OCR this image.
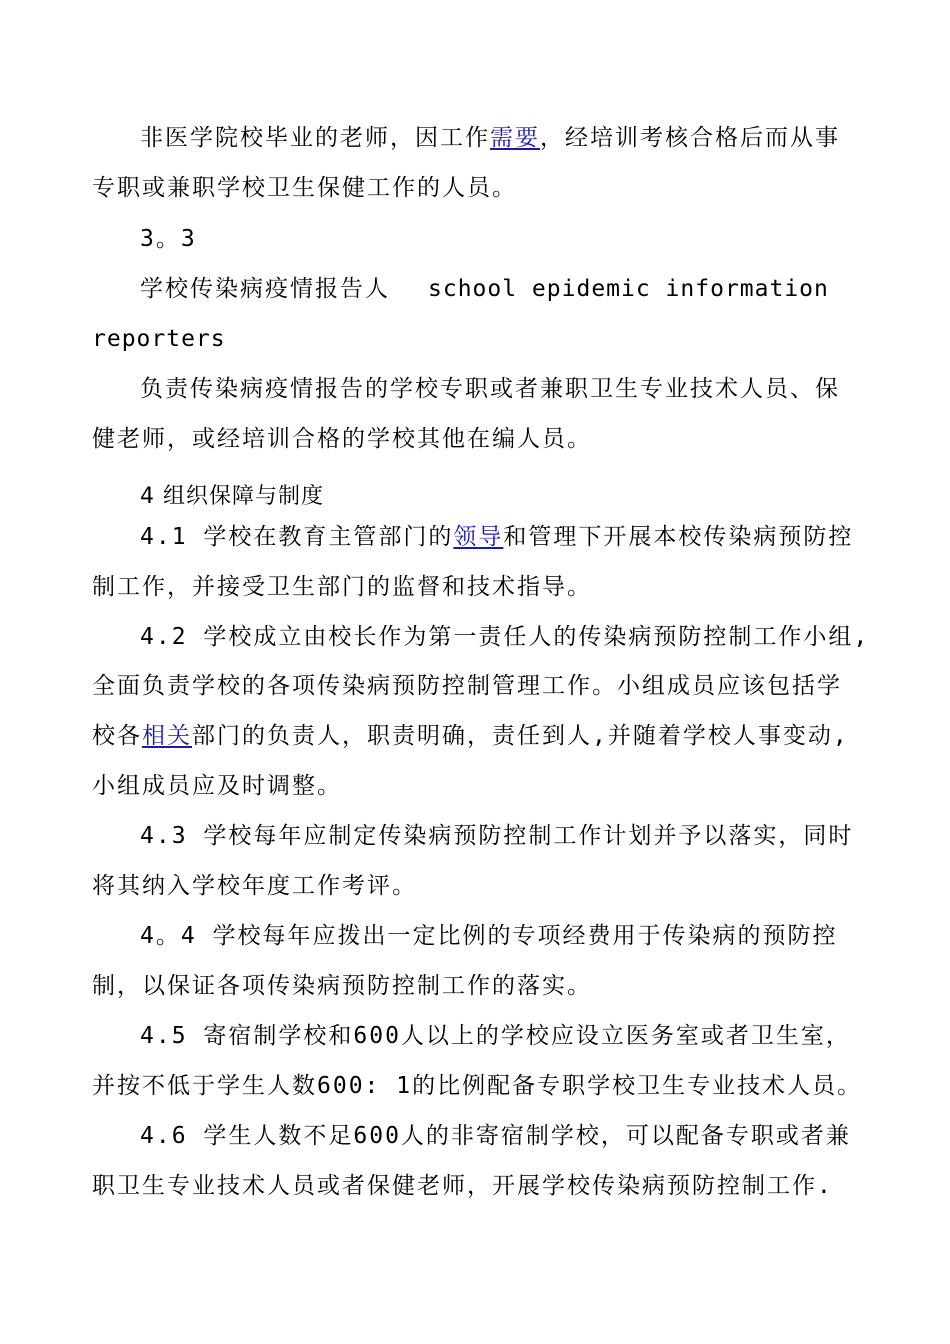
非医学院校毕业的老师，因工作需要，经培训考核合格后而从事
专职或兼职学校卫生保健工作的人员。
3。3
学校传染病疫情报告人 school epidemic information
reporters
负责传染病疫情报告的学校专职或者兼职卫生专业技术人员、保
健老师，或经培训合格的学校其他在编人员。
4 组织保障与制度
4.1 学校在教育主管部门的领导和管理下开展本校传染病预防控
制工作，并接受卫生部门的监督和技术指导。
4.2 学校成立由校长作为第一责任人的传染病预防控制工作小组,
全面负责学校的各项传染病预防控制管理工作。小组成员应该包括学
校各相关部门的负责人，职责明确，责任到人,并随着学校人事变动,
小组成员应及时调整。
4.3 学校每年应制定传染病预防控制工作计划并予以落实，同时
将其纳入学校年度工作考评。
4。4 学校每年应拨出一定比例的专项经费用于传染病的预防控
制，以保证各项传染病预防控制工作的落实。
4.5 寄宿制学校和600人以上的学校应设立医务室或者卫生室，
并按不低于学生人数600: 1的比例配备专职学校卫生专业技术人员。
4.6 学生人数不足600人的非寄宿制学校，可以配备专职或者兼
职卫生专业技术人员或者保健老师，开展学校传染病预防控制工作.
